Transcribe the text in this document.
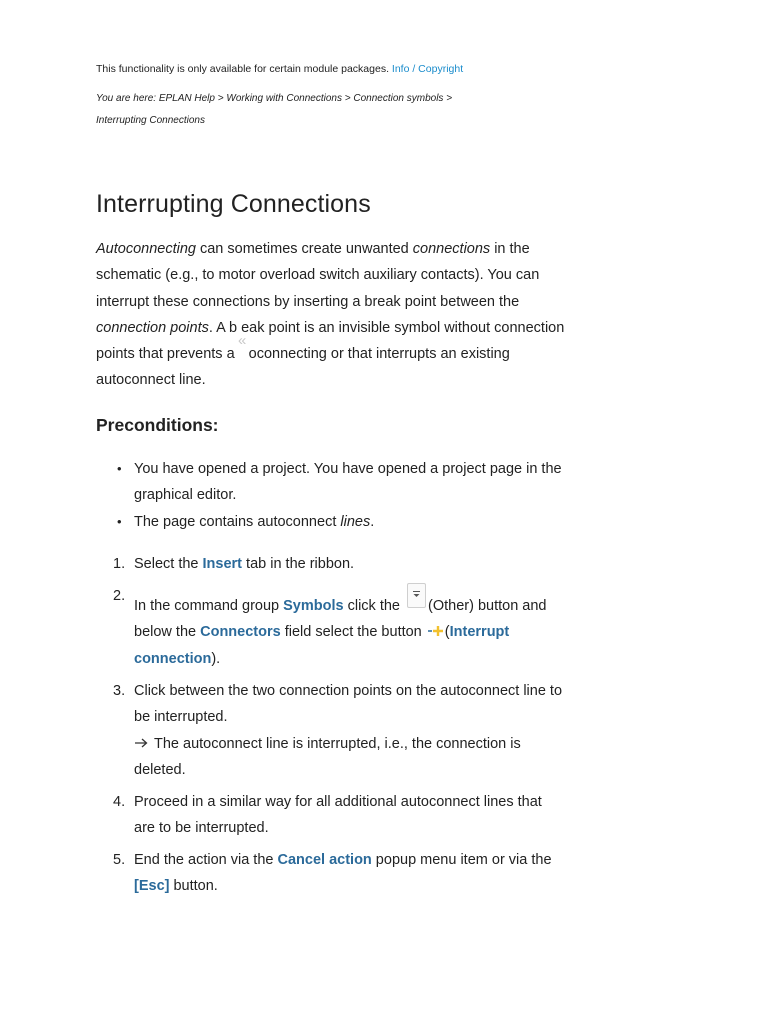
This functionality is only available for certain module packages. Info / Copyright
You are here: EPLAN Help > Working with Connections > Connection symbols >
Interrupting Connections
Interrupting Connections

Autoconnecting can sometimes create unwanted connections in the

schematic (e.g., to motor overload switch auxiliary contacts). You can

interrupt these connections by inserting a break point between the

connection points. A b eak point is an invisible symbol without connection

points that prevents a oconnecting or that interrupts an existing

autoconnect line.

Preconditions:
• You have opened a project. You have opened a project page in the
graphical editor.
• The page contains autoconnect lines.
1. Select the Insert tab in the ribbon.
2.
In the command group Symbols click the (Other) button and
below the Connectors field select the button (Interrupt
connection).
3. Click between the two connection points on the autoconnect line to
be interrupted.
The autoconnect line is interrupted, i.e., the connection is
deleted.
4. Proceed in a similar way for all additional autoconnect lines that
are to be interrupted.
5. End the action via the Cancel action popup menu item or via the
[Esc] button.
«
